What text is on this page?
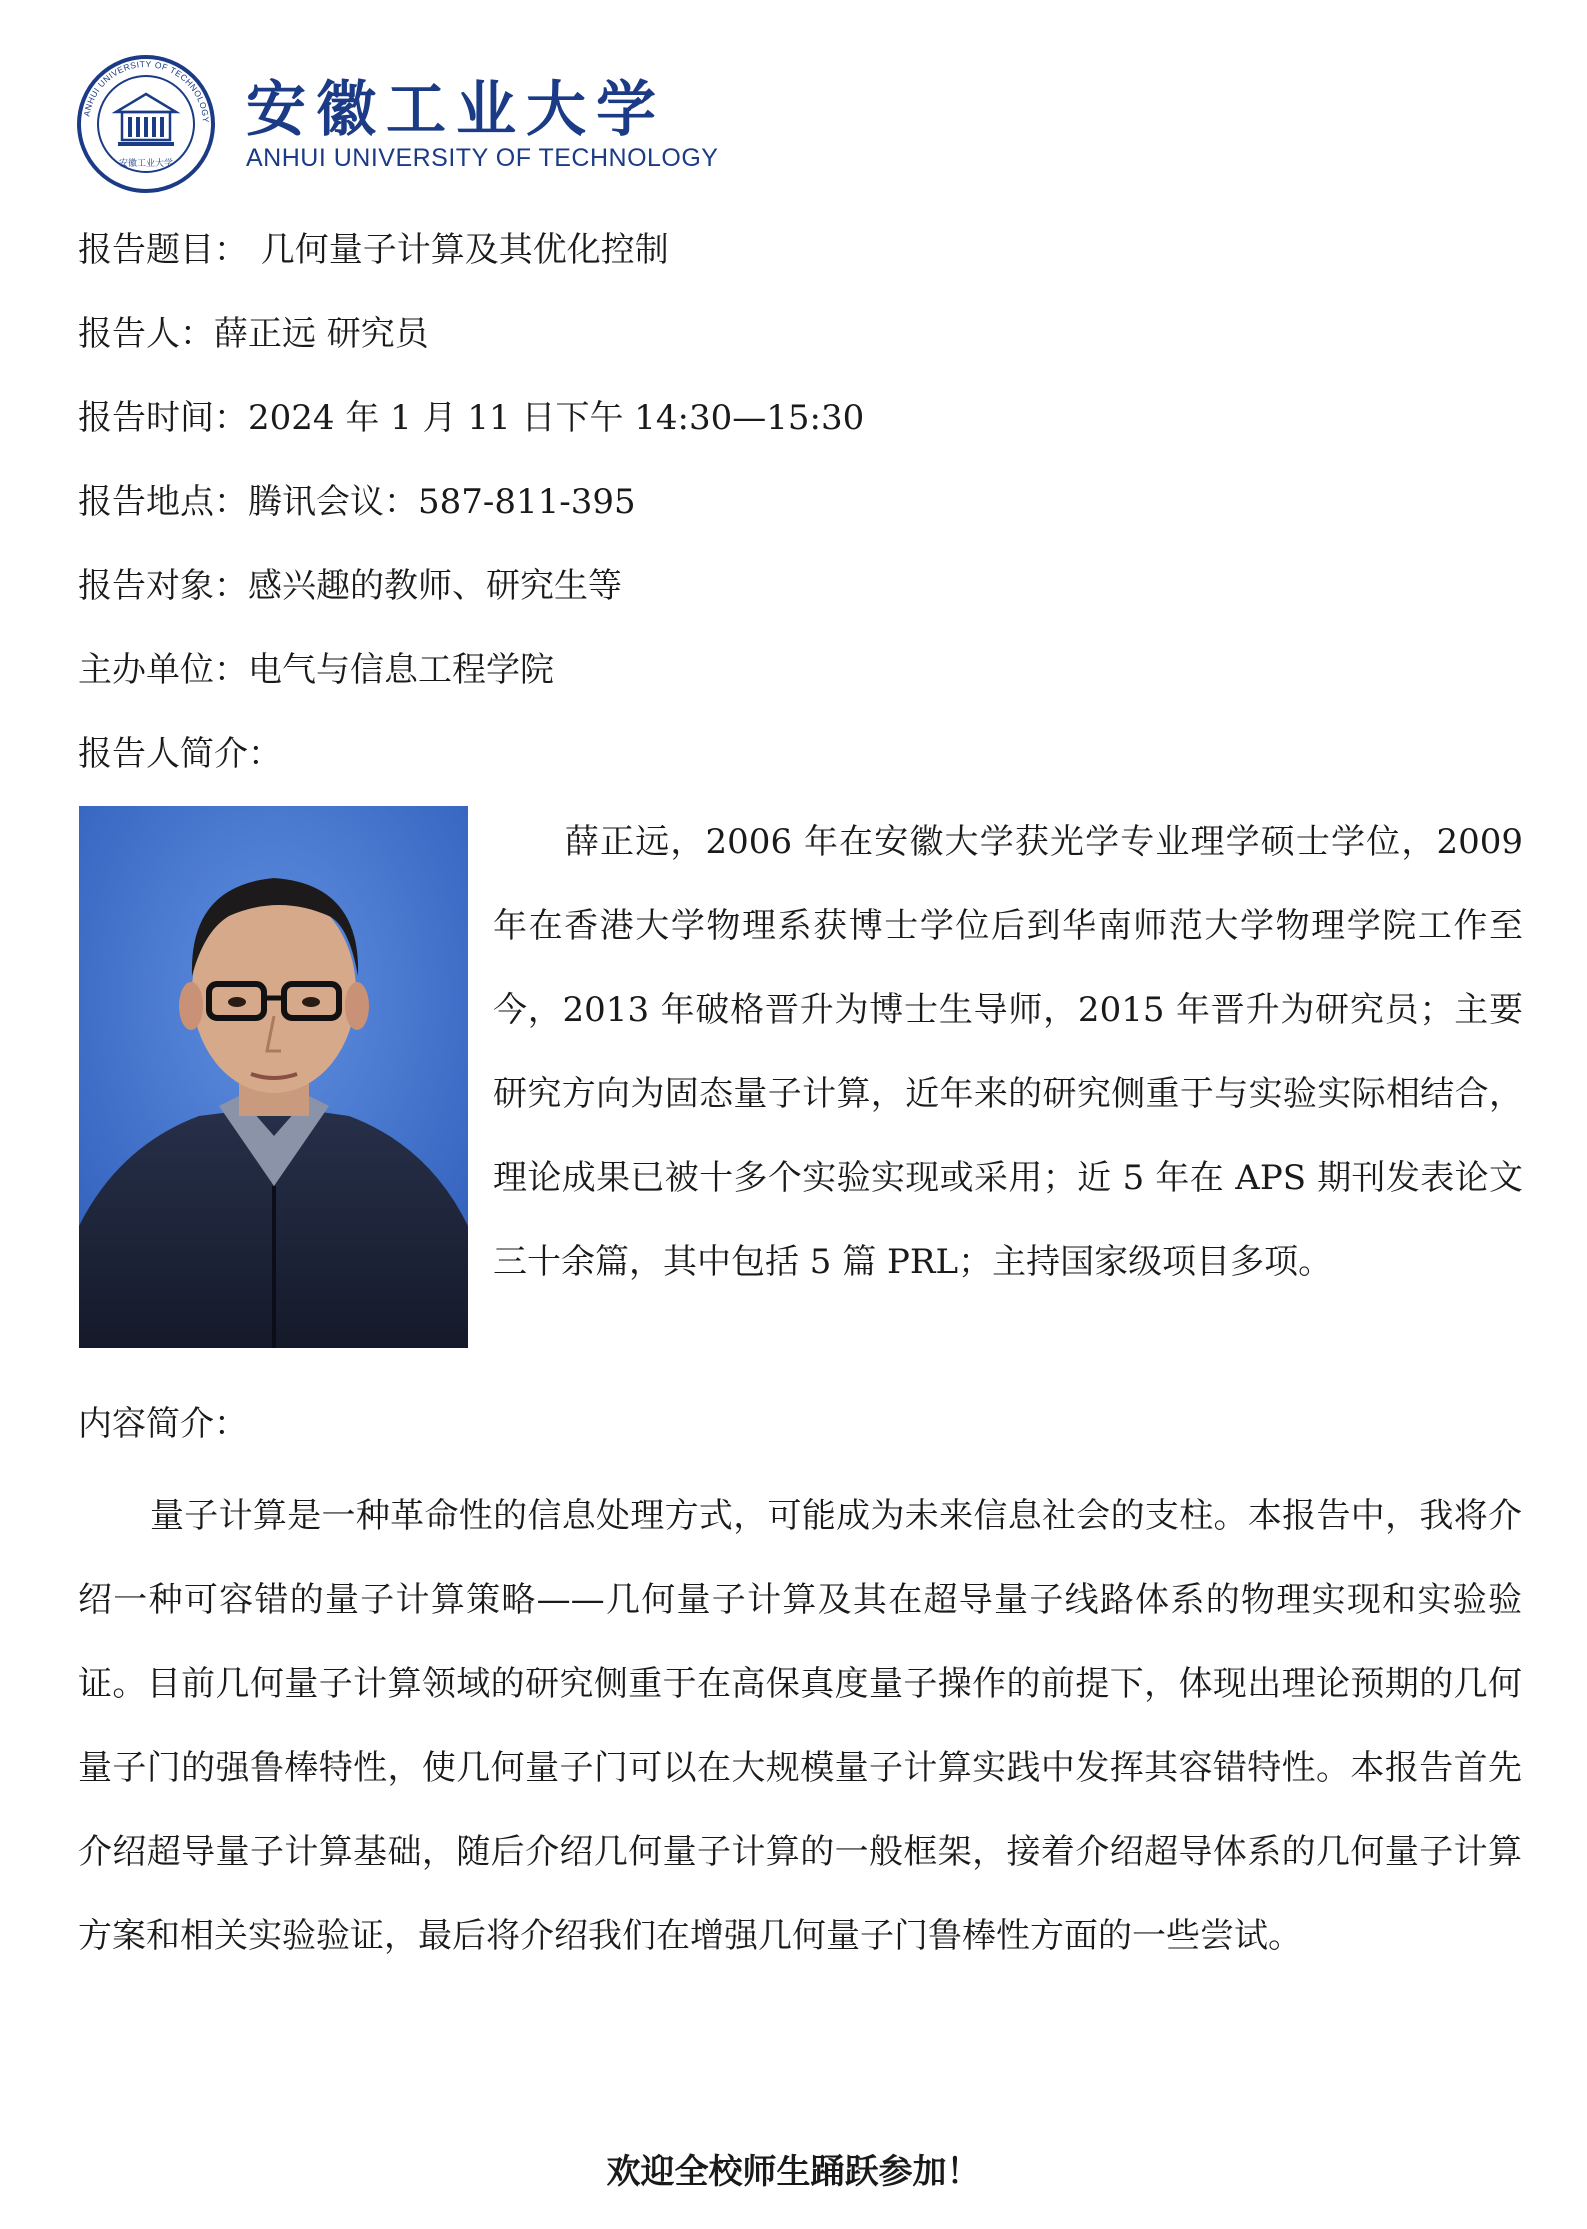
ANHUI UNIVERSITY OF TECHNOLOGY
安徽工业大学
安徽工业大学
ANHUI UNIVERSITY OF TECHNOLOGY
报告题目： 几何量子计算及其优化控制
报告人：薛正远 研究员
报告时间：2024 年 1 月 11 日下午 14:30—15:30
报告地点：腾讯会议：587-811-395
报告对象：感兴趣的教师、研究生等
主办单位：电气与信息工程学院
报告人简介：

薛正远，2006 年在安徽大学获光学专业理学硕士学位，2009 年在香港大学物理系获博士学位后到华南师范大学物理学院工作至今，2013 年破格晋升为博士生导师，2015 年晋升为研究员；主要研究方向为固态量子计算，近年来的研究侧重于与实验实际相结合，理论成果已被十多个实验实现或采用；近 5 年在 APS 期刊发表论文三十余篇，其中包括 5 篇 PRL；主持国家级项目多项。

内容简介：

量子计算是一种革命性的信息处理方式，可能成为未来信息社会的支柱。本报告中，我将介绍一种可容错的量子计算策略——几何量子计算及其在超导量子线路体系的物理实现和实验验证。目前几何量子计算领域的研究侧重于在高保真度量子操作的前提下，体现出理论预期的几何量子门的强鲁棒特性，使几何量子门可以在大规模量子计算实践中发挥其容错特性。本报告首先介绍超导量子计算基础，随后介绍几何量子计算的一般框架，接着介绍超导体系的几何量子计算方案和相关实验验证，最后将介绍我们在增强几何量子门鲁棒性方面的一些尝试。

欢迎全校师生踊跃参加！
